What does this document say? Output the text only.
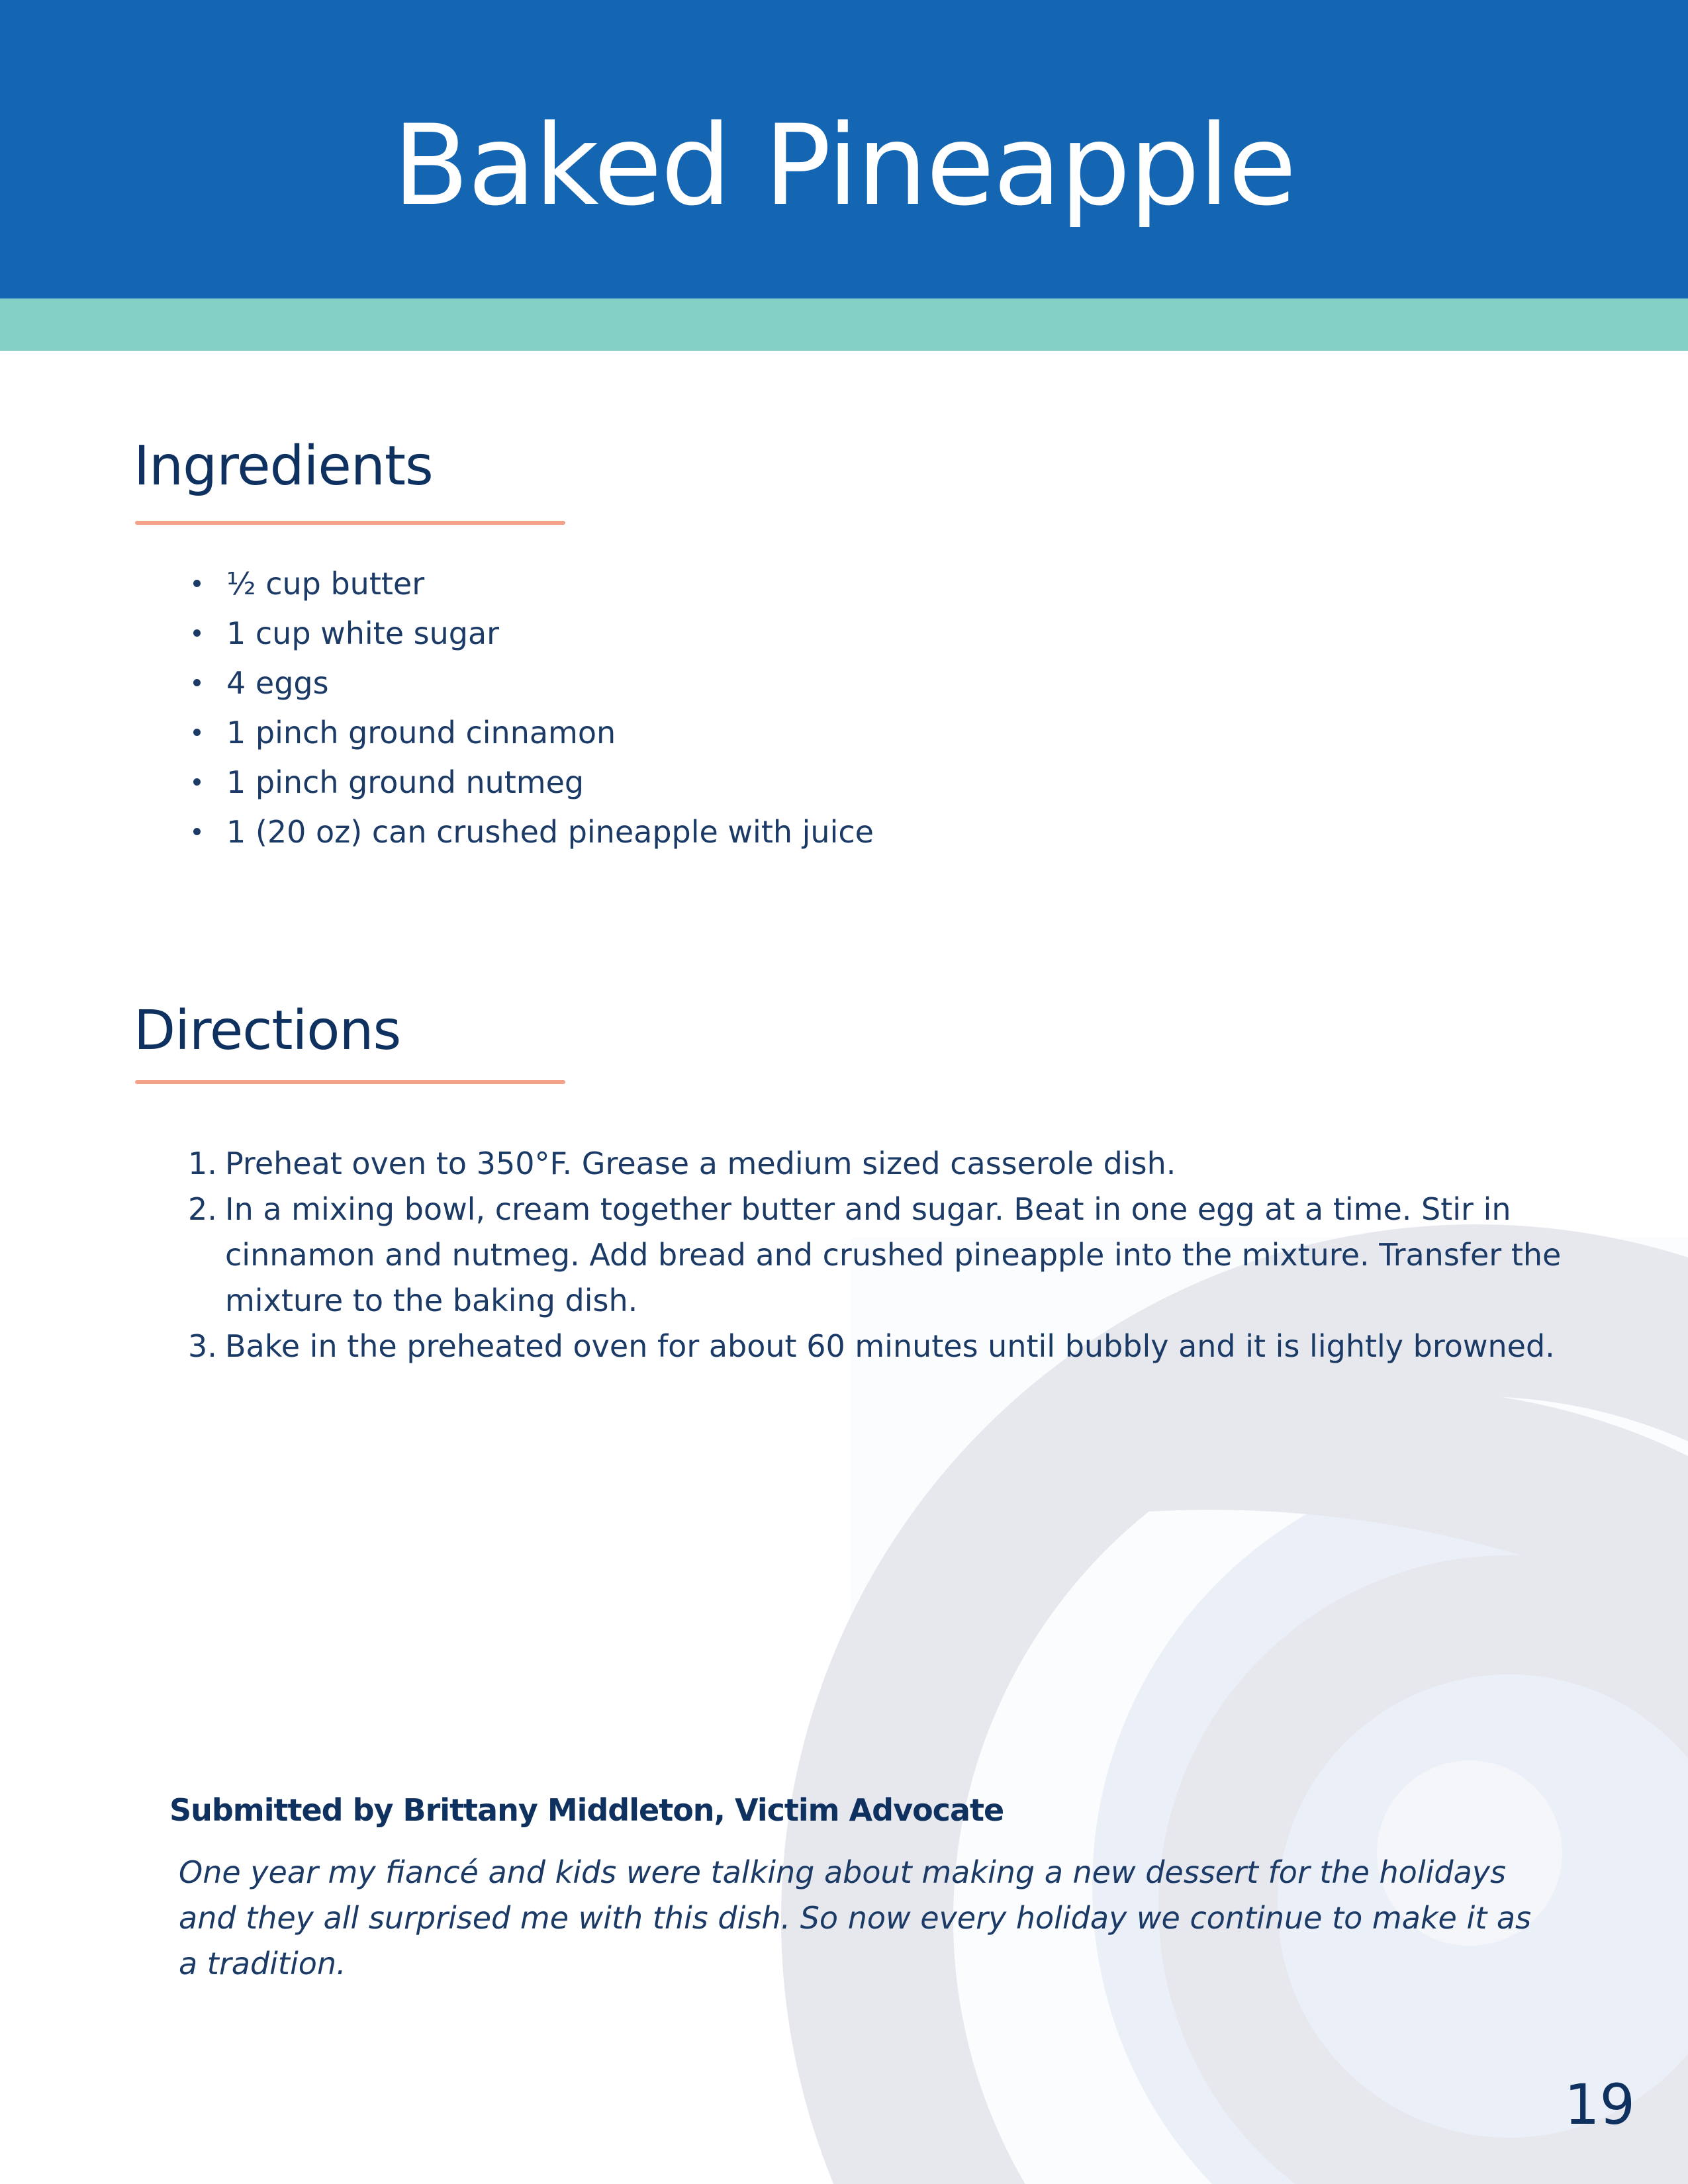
Baked Pineapple
Ingredients
½ cup butter
1 cup white sugar
4 eggs
1 pinch ground cinnamon
1 pinch ground nutmeg
1 (20 oz) can crushed pineapple with juice
Directions
1. Preheat oven to 350°F. Grease a medium sized casserole dish.
2. In a mixing bowl, cream together butter and sugar. Beat in one egg at a time. Stir in cinnamon and nutmeg. Add bread and crushed pineapple into the mixture. Transfer the mixture to the baking dish.
3. Bake in the preheated oven for about 60 minutes until bubbly and it is lightly browned.
Submitted by Brittany Middleton, Victim Advocate
One year my fiancé and kids were talking about making a new dessert for the holidays and they all surprised me with this dish. So now every holiday we continue to make it as a tradition.
19
